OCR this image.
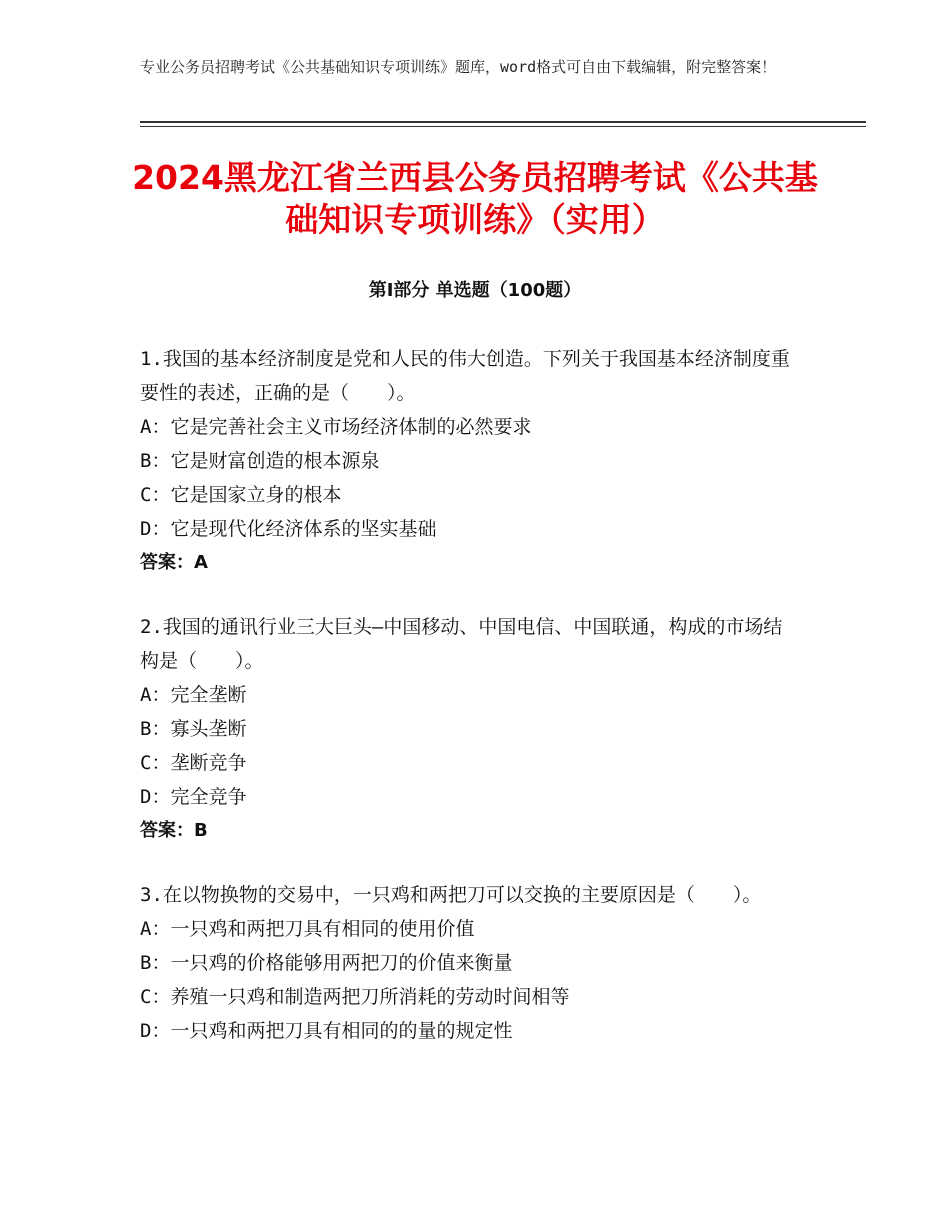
专业公务员招聘考试《公共基础知识专项训练》题库，word格式可自由下载编辑，附完整答案！
2024黑龙江省兰西县公务员招聘考试《公共基础知识专项训练》（实用）
第Ⅰ部分 单选题（100题）
1.我国的基本经济制度是党和人民的伟大创造。下列关于我国基本经济制度重要性的表述，正确的是（　　）。
A：它是完善社会主义市场经济体制的必然要求
B：它是财富创造的根本源泉
C：它是国家立身的根本
D：它是现代化经济体系的坚实基础
答案：A
2.我国的通讯行业三大巨头—中国移动、中国电信、中国联通，构成的市场结构是（　　）。
A：完全垄断
B：寡头垄断
C：垄断竞争
D：完全竞争
答案：B
3.在以物换物的交易中，一只鸡和两把刀可以交换的主要原因是（　　）。
A：一只鸡和两把刀具有相同的使用价值
B：一只鸡的价格能够用两把刀的价值来衡量
C：养殖一只鸡和制造两把刀所消耗的劳动时间相等
D：一只鸡和两把刀具有相同的的量的规定性
